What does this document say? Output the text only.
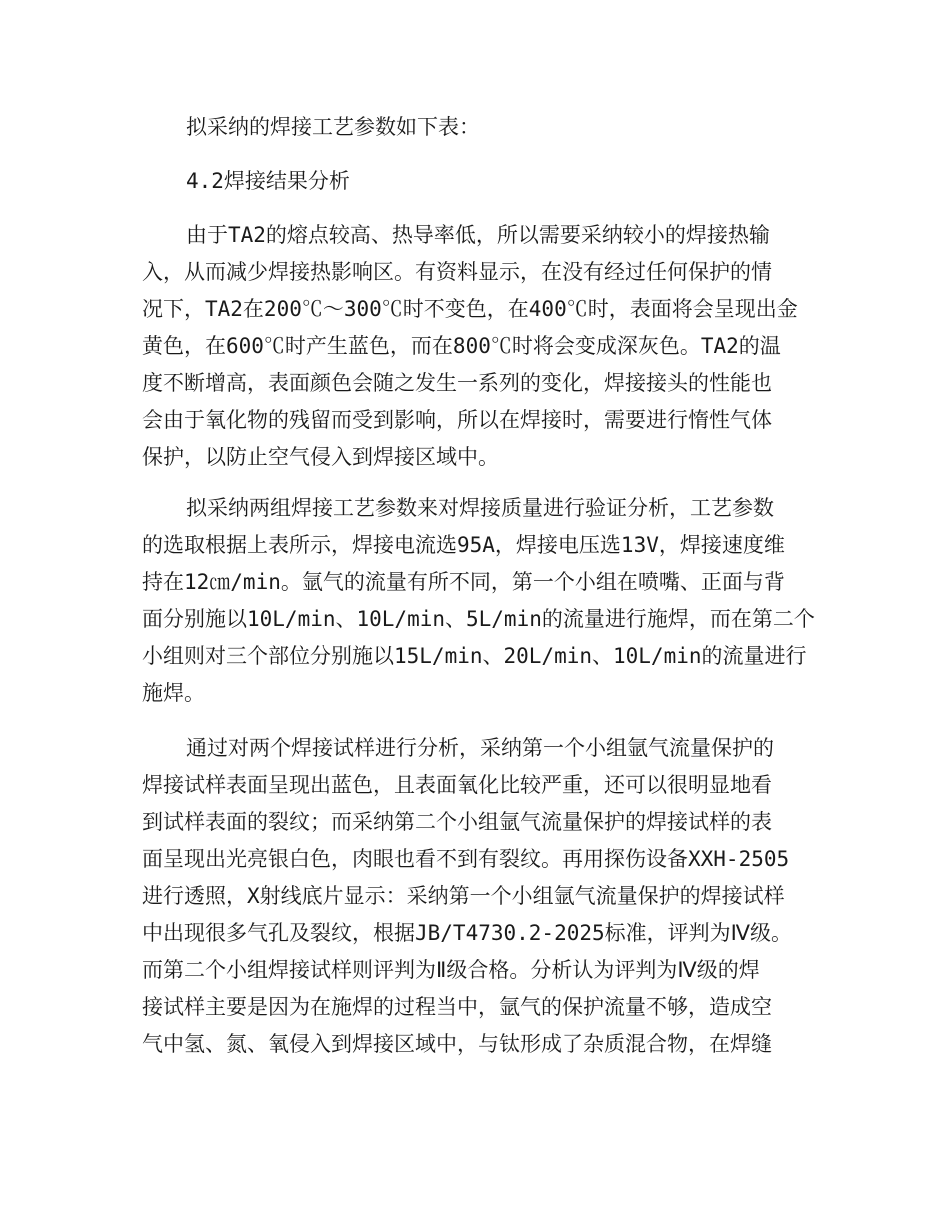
拟采纳的焊接工艺参数如下表：
4.2焊接结果分析
由于TA2的熔点较高、热导率低，所以需要采纳较小的焊接热输
入，从而减少焊接热影响区。有资料显示，在没有经过任何保护的情
况下，TA2在200℃～300℃时不变色，在400℃时，表面将会呈现出金
黄色，在600℃时产生蓝色，而在800℃时将会变成深灰色。TA2的温
度不断增高，表面颜色会随之发生一系列的变化，焊接接头的性能也
会由于氧化物的残留而受到影响，所以在焊接时，需要进行惰性气体
保护，以防止空气侵入到焊接区域中。
拟采纳两组焊接工艺参数来对焊接质量进行验证分析，工艺参数
的选取根据上表所示，焊接电流选95A，焊接电压选13V，焊接速度维
持在12㎝/min。氩气的流量有所不同，第一个小组在喷嘴、正面与背
面分别施以10L/min、10L/min、5L/min的流量进行施焊，而在第二个
小组则对三个部位分别施以15L/min、20L/min、10L/min的流量进行
施焊。
通过对两个焊接试样进行分析，采纳第一个小组氩气流量保护的
焊接试样表面呈现出蓝色，且表面氧化比较严重，还可以很明显地看
到试样表面的裂纹；而采纳第二个小组氩气流量保护的焊接试样的表
面呈现出光亮银白色，肉眼也看不到有裂纹。再用探伤设备XXH-2505
进行透照，X射线底片显示：采纳第一个小组氩气流量保护的焊接试样
中出现很多气孔及裂纹，根据JB/T4730.2-2025标准，评判为Ⅳ级。
而第二个小组焊接试样则评判为Ⅱ级合格。分析认为评判为Ⅳ级的焊
接试样主要是因为在施焊的过程当中，氩气的保护流量不够，造成空
气中氢、氮、氧侵入到焊接区域中，与钛形成了杂质混合物，在焊缝
